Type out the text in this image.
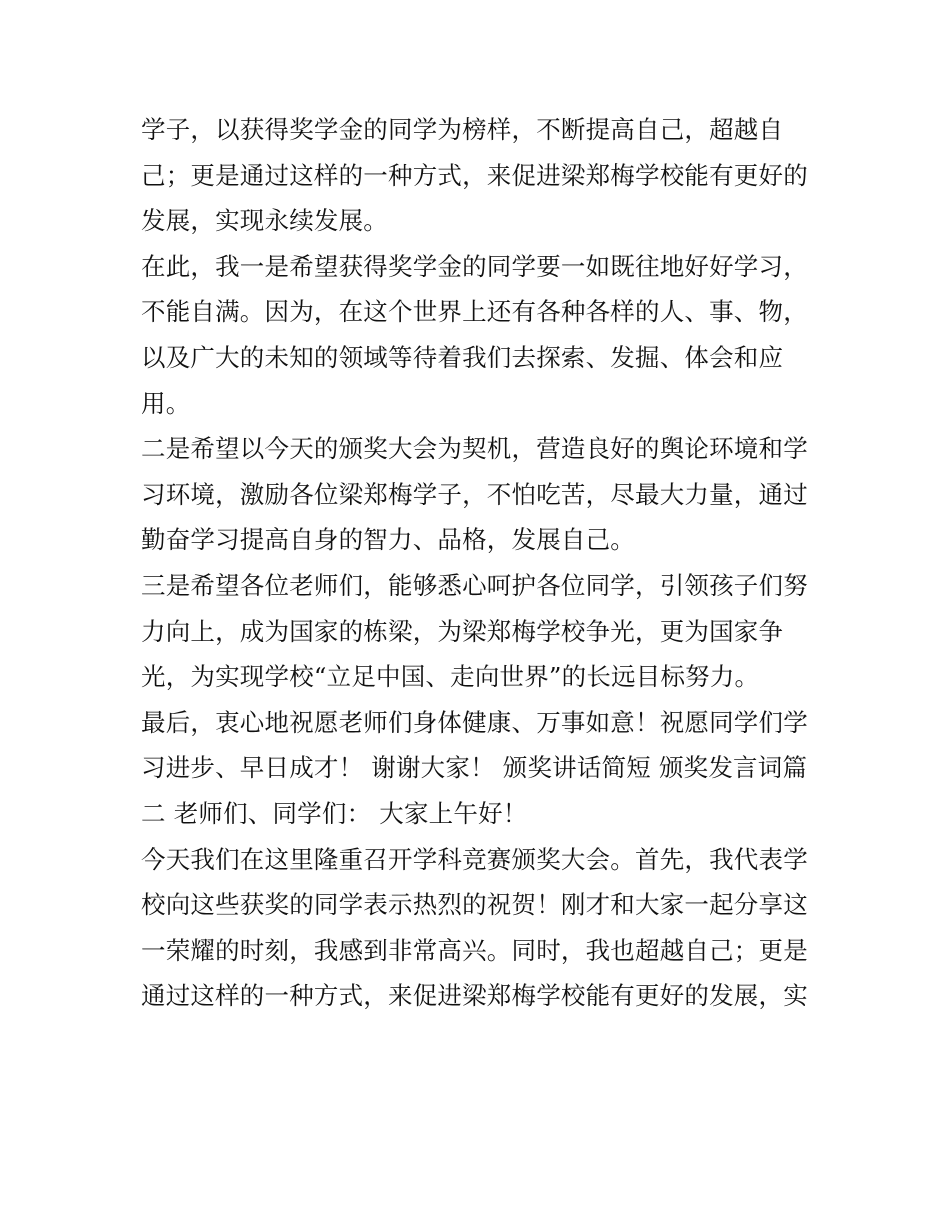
学子，以获得奖学金的同学为榜样，不断提高自己，超越自
己；更是通过这样的一种方式，来促进梁郑梅学校能有更好的
发展，实现永续发展。
在此，我一是希望获得奖学金的同学要一如既往地好好学习，
不能自满。因为，在这个世界上还有各种各样的人、事、物，
以及广大的未知的领域等待着我们去探索、发掘、体会和应
用。
二是希望以今天的颁奖大会为契机，营造良好的舆论环境和学
习环境，激励各位梁郑梅学子，不怕吃苦，尽最大力量，通过
勤奋学习提高自身的智力、品格，发展自己。
三是希望各位老师们，能够悉心呵护各位同学，引领孩子们努
力向上，成为国家的栋梁，为梁郑梅学校争光，更为国家争
光，为实现学校“立足中国、走向世界”的长远目标努力。
最后，衷心地祝愿老师们身体健康、万事如意！祝愿同学们学
习进步、早日成才！ 谢谢大家！ 颁奖讲话简短 颁奖发言词篇
二 老师们、同学们： 大家上午好！
今天我们在这里隆重召开学科竞赛颁奖大会。首先，我代表学
校向这些获奖的同学表示热烈的祝贺！刚才和大家一起分享这
一荣耀的时刻，我感到非常高兴。同时，我也超越自己；更是
通过这样的一种方式，来促进梁郑梅学校能有更好的发展，实
